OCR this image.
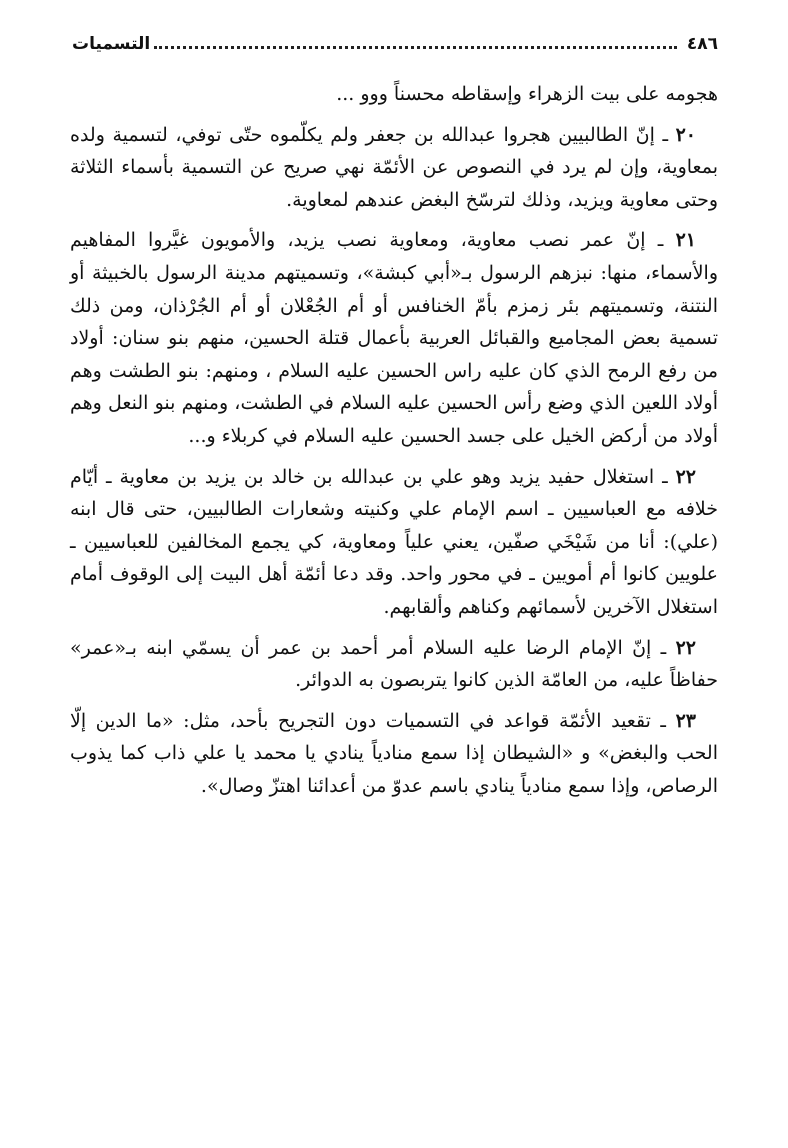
٤٨٦
التسميات

هجومه على بيت الزهراء وإسقاطه محسناً ووو ...

٢٠ ـ إنّ الطالبيين هجروا عبدالله بن جعفر ولم يكلّموه حتّى توفي، لتسمية ولده بمعاوية، وإن لم يرد في النصوص عن الأئمّة نهي صريح عن التسمية بأسماء الثلاثة وحتى معاوية ويزيد، وذلك لترسّخ البغض عندهم لمعاوية.

٢١ ـ إنّ عمر نصب معاوية، ومعاوية نصب يزيد، والأمويون غيَّروا المفاهيم والأسماء، منها: نبزهم الرسول بـ«أبي كبشة»، وتسميتهم مدينة الرسول بالخبيثة أو النتنة، وتسميتهم بئر زمزم بأمّ الخنافس أو أم الجُعْلان أو أم الجُرْذان، ومن ذلك تسمية بعض المجاميع والقبائل العربية بأعمال قتلة الحسين، منهم بنو سنان: أولاد من رفع الرمح الذي كان عليه راس الحسين عليه السلام ، ومنهم: بنو الطشت وهم أولاد اللعين الذي وضع رأس الحسين عليه السلام في الطشت، ومنهم بنو النعل وهم أولاد من أركض الخيل على جسد الحسين عليه السلام في كربلاء و...

٢٢ ـ استغلال حفيد يزيد وهو علي بن عبدالله بن خالد بن يزيد بن معاوية ـ أيّام خلافه مع العباسيين ـ اسم الإمام علي وكنيته وشعارات الطالبيين، حتى قال ابنه (علي): أنا من شَيْخَي صفّين، يعني علياً ومعاوية، كي يجمع المخالفين للعباسيين ـ علويين كانوا أم أمويين ـ في محور واحد. وقد دعا أئمّة أهل البيت إلى الوقوف أمام استغلال الآخرين لأسمائهم وكناهم وألقابهم.

٢٢ ـ إنّ الإمام الرضا عليه السلام أمر أحمد بن عمر أن يسمّي ابنه بـ«عمر» حفاظاً عليه، من العامّة الذين كانوا يتربصون به الدوائر.

٢٣ ـ تقعيد الأئمّة قواعد في التسميات دون التجريح بأحد، مثل: «ما الدين إلّا الحب والبغض» و «الشيطان إذا سمع منادياً ينادي يا محمد يا علي ذاب كما يذوب الرصاص، وإذا سمع منادياً ينادي باسم عدوّ من أعدائنا اهتزّ وصال».
